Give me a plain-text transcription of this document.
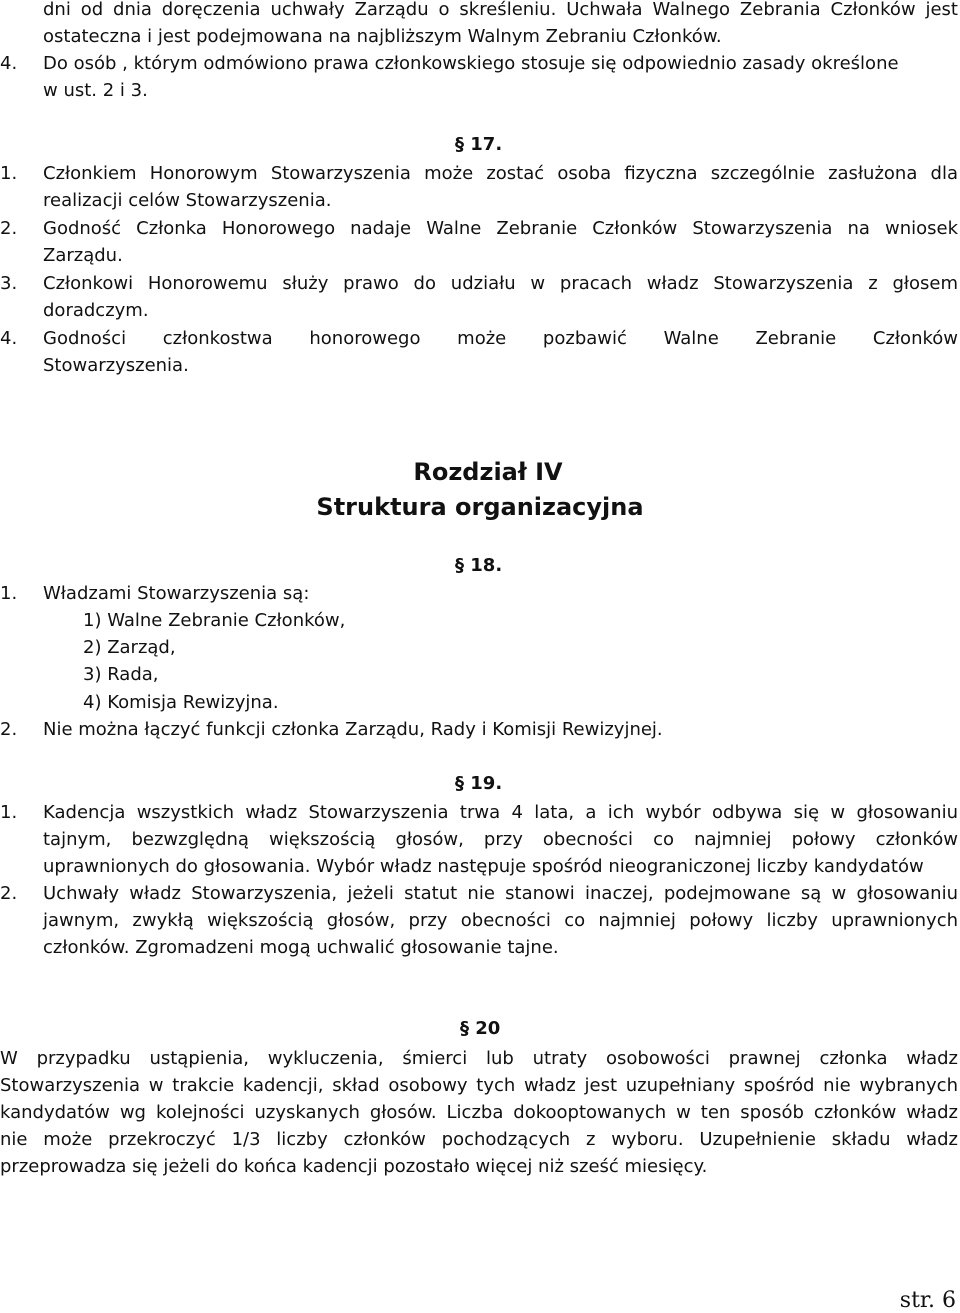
dni od dnia doręczenia uchwały Zarządu o skreśleniu. Uchwała Walnego Zebrania Członków jest
ostateczna i jest podejmowana na najbliższym Walnym Zebraniu Członków.
4.	Do osób , którym odmówiono prawa członkowskiego stosuje się odpowiednio zasady określone
w ust. 2 i 3.
§ 17.
1.	Członkiem Honorowym Stowarzyszenia może zostać osoba fizyczna szczególnie zasłużona dla
realizacji celów Stowarzyszenia.
2.	Godność Członka Honorowego nadaje Walne Zebranie Członków Stowarzyszenia na wniosek
Zarządu.
3.	Członkowi Honorowemu służy prawo do udziału w pracach władz Stowarzyszenia z głosem
doradczym.
4.	Godności członkostwa honorowego może pozbawić Walne Zebranie Członków
Stowarzyszenia.
Rozdział IV
Struktura organizacyjna
§ 18.
1.	Władzami Stowarzyszenia są:
1) Walne Zebranie Członków,
2) Zarząd,
3) Rada,
4) Komisja Rewizyjna.
2.	Nie można łączyć funkcji członka Zarządu, Rady i Komisji Rewizyjnej.
§ 19.
1.	Kadencja wszystkich władz Stowarzyszenia trwa 4 lata, a ich wybór odbywa się w głosowaniu
tajnym, bezwzględną większością głosów, przy obecności co najmniej połowy członków
uprawnionych do głosowania. Wybór władz następuje spośród nieograniczonej liczby kandydatów
2.	Uchwały władz Stowarzyszenia, jeżeli statut nie stanowi inaczej, podejmowane są w głosowaniu
jawnym, zwykłą większością głosów, przy obecności co najmniej połowy liczby uprawnionych
członków. Zgromadzeni mogą uchwalić głosowanie tajne.
§ 20
W przypadku ustąpienia, wykluczenia, śmierci lub utraty osobowości prawnej członka władz
Stowarzyszenia w trakcie kadencji, skład osobowy tych władz jest uzupełniany spośród nie wybranych
kandydatów wg kolejności uzyskanych głosów. Liczba dokooptowanych w ten sposób członków władz
nie może przekroczyć 1/3 liczby członków pochodzących z wyboru. Uzupełnienie składu władz
przeprowadza się jeżeli do końca kadencji pozostało więcej niż sześć miesięcy.
str. 6
